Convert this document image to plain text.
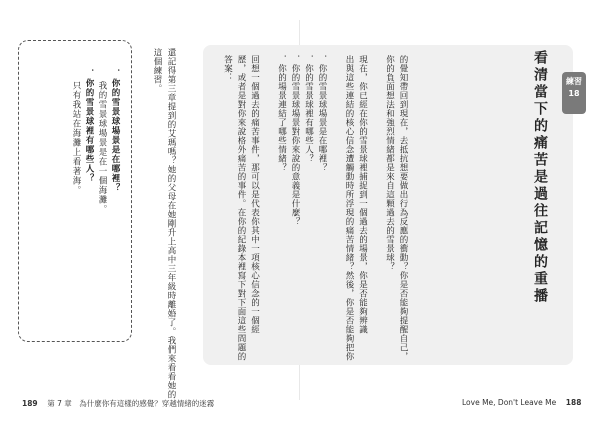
．你的雪景球場景是在哪裡？
我的雪景球場景是在一個海灘。
．你的雪景球裡有哪些人？
只有我站在海灘上看著海。	還記得第三章提到的艾瑪嗎？她的父母在她剛升上高中三年級時離婚了。我們來看看她的
這個練習。
189 第 7 章　為什麼你有這樣的感覺？穿越情緒的迷霧
的覺知帶回到現在，去抵抗想要做出行為反應的衝動？你是否能夠提醒自己，
你的負面想法和強烈情緒都是來自這顆過去的雪景球？
現在，你已經在你的雪景球裡捕捉到一個過去的場景，你是否能夠辨識
出與這些連結的核心信念遭觸動時所浮現的痛苦情緒？然後，你是否能夠把你
．你的雪景球場景是在哪裡？
．你的雪景球裡有哪些人？
．你的雪景球場景對你來說的意義是什麼？
．你的場景連結了哪些情緒？
回想一個過去的痛苦事件，那可以是代表你其中一項核心信念的一個經
歷，或者是對你來說格外痛苦的事件。在你的紀錄本裡寫下對下面這些問題的
答案：	看清當下的痛苦是過往記憶的重播	練習 18
Love Me, Don't Leave Me 188
